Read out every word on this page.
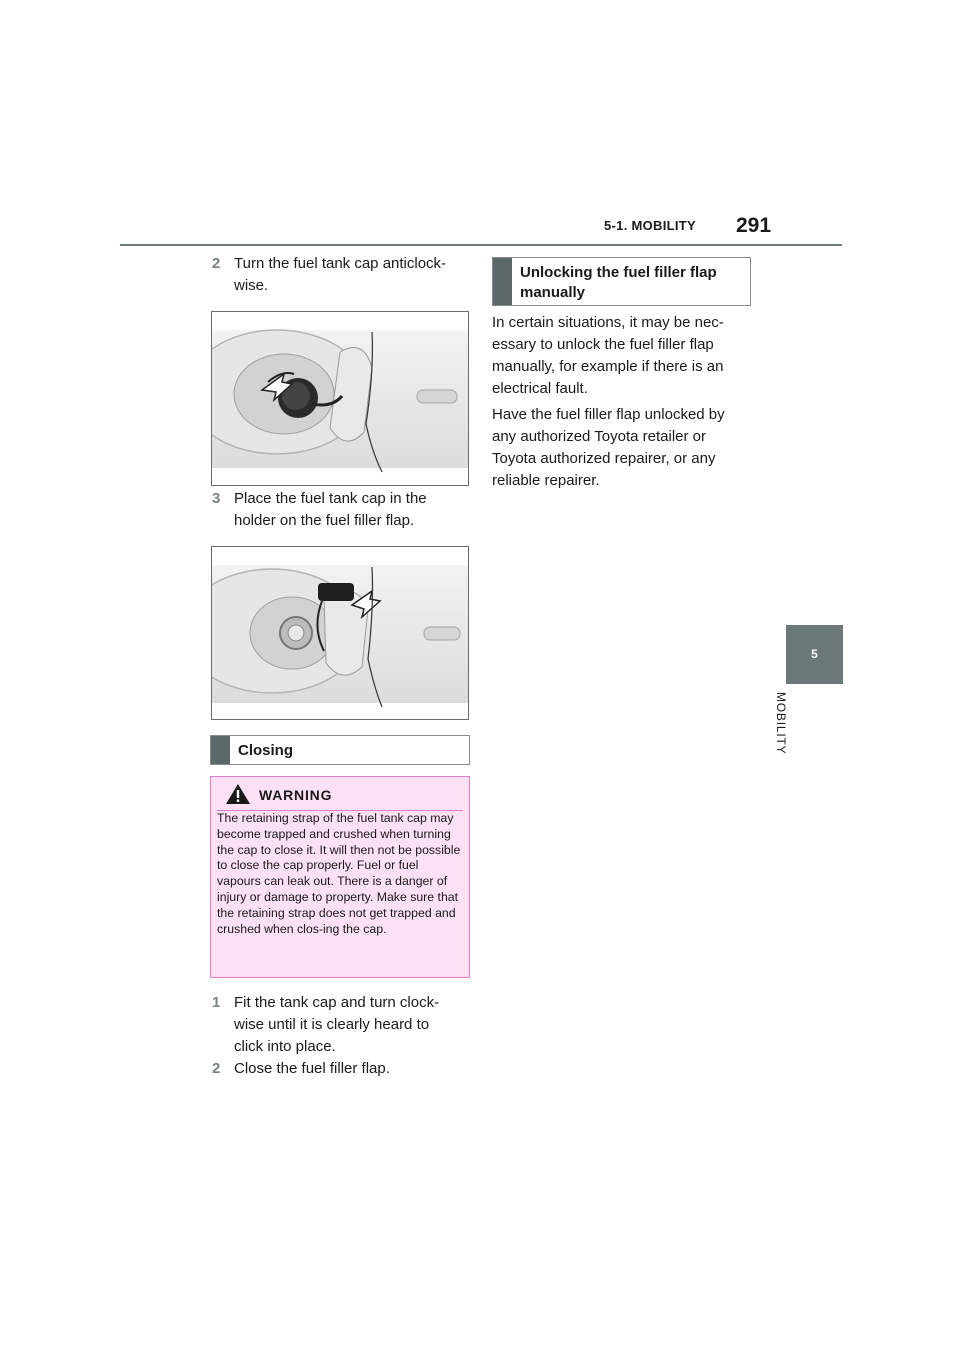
5-1. MOBILITY 291
5
MOBILITY
2 Turn the fuel tank cap anticlock-
wise.
3 Place the fuel tank cap in the
holder on the fuel filler flap.
Closing
WARNING
The retaining strap of the fuel tank cap may become trapped and crushed when turning the cap to close it. It will then not be possible to close the cap properly. Fuel or fuel vapours can leak out. There is a danger of injury or damage to property. Make sure that the retaining strap does not get trapped and crushed when clos-ing the cap.
1 Fit the tank cap and turn clock-
wise until it is clearly heard to
click into place.
2 Close the fuel filler flap.
Unlocking the fuel filler flap manually
In certain situations, it may be nec-
essary to unlock the fuel filler flap
manually, for example if there is an
electrical fault.
Have the fuel filler flap unlocked by
any authorized Toyota retailer or
Toyota authorized repairer, or any
reliable repairer.
